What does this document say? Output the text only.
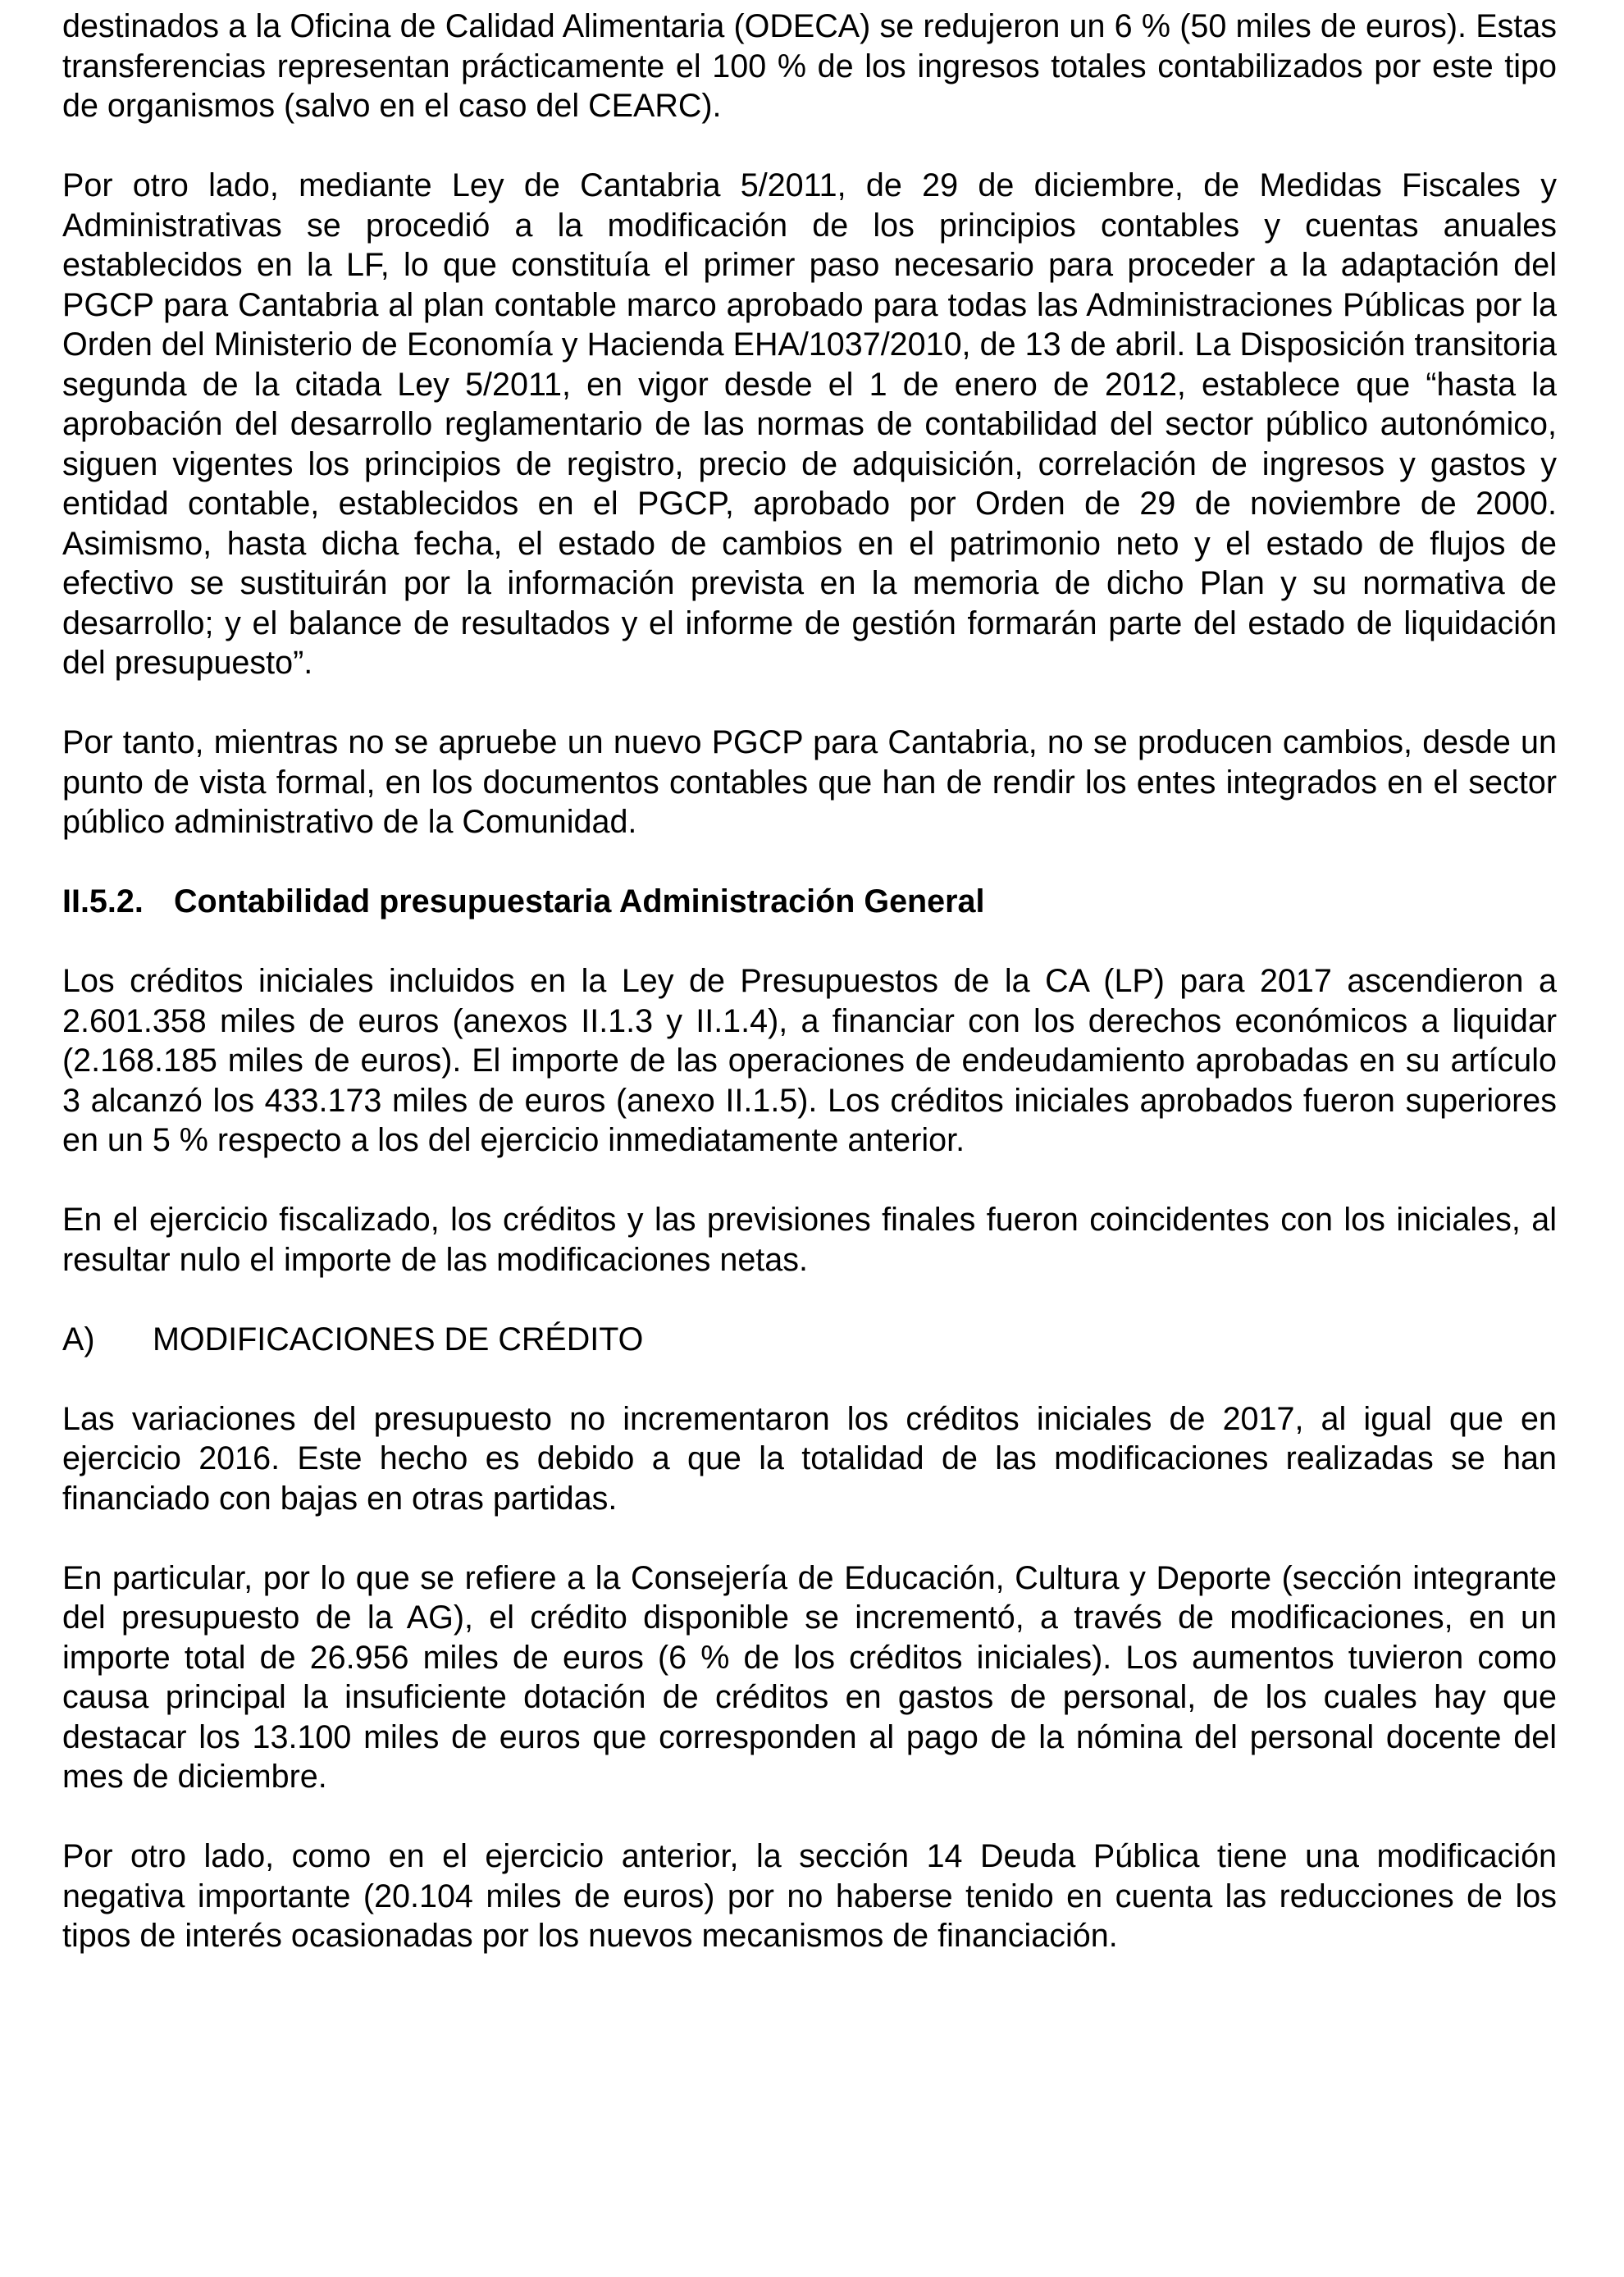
destinados a la Oficina de Calidad Alimentaria (ODECA) se redujeron un 6 % (50 miles de euros). Estas transferencias representan prácticamente el 100 % de los ingresos totales contabilizados por este tipo de organismos (salvo en el caso del CEARC).

Por otro lado, mediante Ley de Cantabria 5/2011, de 29 de diciembre, de Medidas Fiscales y Administrativas se procedió a la modificación de los principios contables y cuentas anuales establecidos en la LF, lo que constituía el primer paso necesario para proceder a la adaptación del PGCP para Cantabria al plan contable marco aprobado para todas las Administraciones Públicas por la Orden del Ministerio de Economía y Hacienda EHA/1037/2010, de 13 de abril. La Disposición transitoria segunda de la citada Ley 5/2011, en vigor desde el 1 de enero de 2012, establece que “hasta la aprobación del desarrollo reglamentario de las normas de contabilidad del sector público autonómico, siguen vigentes los principios de registro, precio de adquisición, correlación de ingresos y gastos y entidad contable, establecidos en el PGCP, aprobado por Orden de 29 de noviembre de 2000. Asimismo, hasta dicha fecha, el estado de cambios en el patrimonio neto y el estado de flujos de efectivo se sustituirán por la información prevista en la memoria de dicho Plan y su normativa de desarrollo; y el balance de resultados y el informe de gestión formarán parte del estado de liquidación del presupuesto”.

Por tanto, mientras no se apruebe un nuevo PGCP para Cantabria, no se producen cambios, desde un punto de vista formal, en los documentos contables que han de rendir los entes integrados en el sector público administrativo de la Comunidad.

II.5.2. Contabilidad presupuestaria Administración General

Los créditos iniciales incluidos en la Ley de Presupuestos de la CA (LP) para 2017 ascendieron a 2.601.358 miles de euros (anexos II.1.3 y II.1.4), a financiar con los derechos económicos a liquidar (2.168.185 miles de euros). El importe de las operaciones de endeudamiento aprobadas en su artículo 3 alcanzó los 433.173 miles de euros (anexo II.1.5). Los créditos iniciales aprobados fueron superiores en un 5 % respecto a los del ejercicio inmediatamente anterior.

En el ejercicio fiscalizado, los créditos y las previsiones finales fueron coincidentes con los iniciales, al resultar nulo el importe de las modificaciones netas.

A)	MODIFICACIONES DE CRÉDITO

Las variaciones del presupuesto no incrementaron los créditos iniciales de 2017, al igual que en ejercicio 2016. Este hecho es debido a que la totalidad de las modificaciones realizadas se han financiado con bajas en otras partidas.

En particular, por lo que se refiere a la Consejería de Educación, Cultura y Deporte (sección integrante del presupuesto de la AG), el crédito disponible se incrementó, a través de modificaciones, en un importe total de 26.956 miles de euros (6 % de los créditos iniciales). Los aumentos tuvieron como causa principal la insuficiente dotación de créditos en gastos de personal, de los cuales hay que destacar los 13.100 miles de euros que corresponden al pago de la nómina del personal docente del mes de diciembre.

Por otro lado, como en el ejercicio anterior, la sección 14 Deuda Pública tiene una modificación negativa importante (20.104 miles de euros) por no haberse tenido en cuenta las reducciones de los tipos de interés ocasionadas por los nuevos mecanismos de financiación.
